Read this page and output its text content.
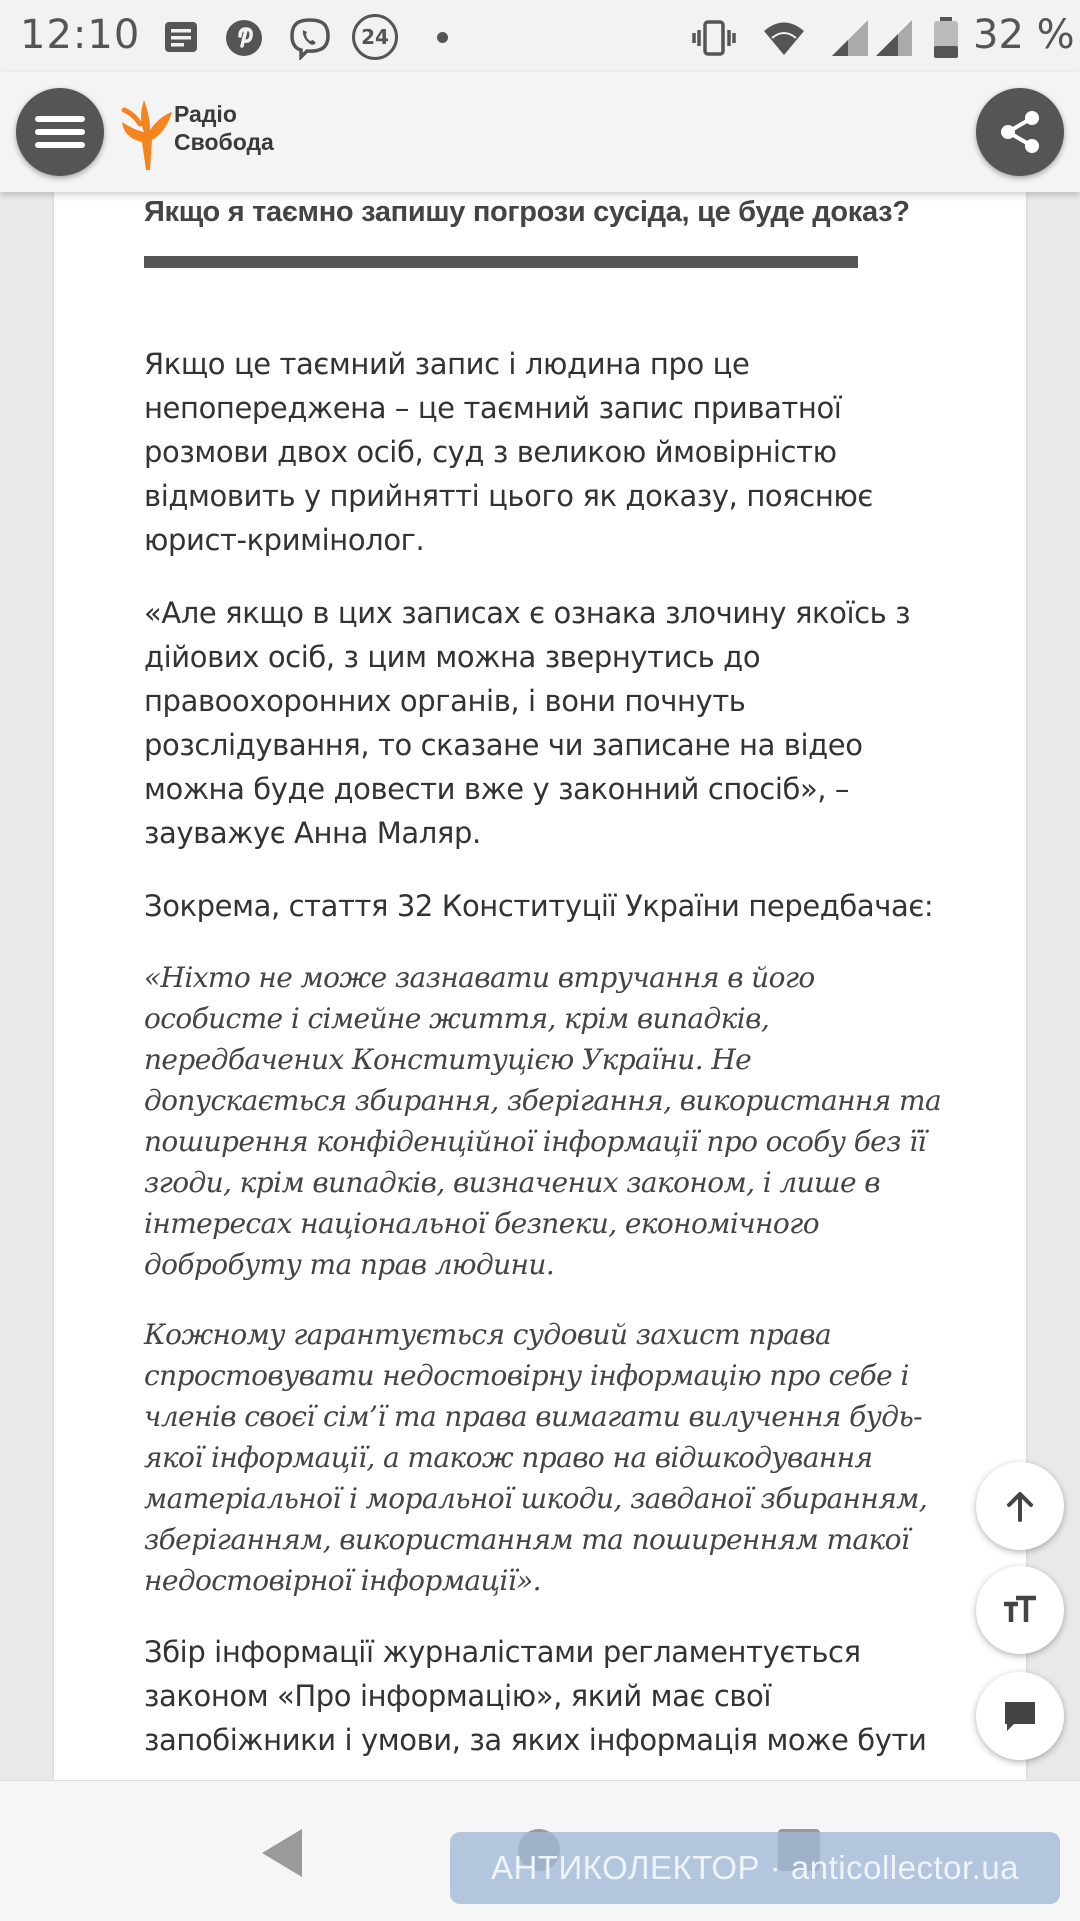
12:10	24	32 %
Радіо
Свобода
Якщо я таємно запишу погрози сусіда, це буде доказ?

Якщо це таємний запис і людина про це непопереджена – це таємний запис приватної розмови двох осіб, суд з великою ймовірністю відмовить у прийнятті цього як доказу, пояснює юрист-кримінолог.

«Але якщо в цих записах є ознака злочину якоїсь з дійових осіб, з цим можна звернутись до правоохоронних органів, і вони почнуть розслідування, то сказане чи записане на відео можна буде довести вже у законний спосіб», – зауважує Анна Маляр.

Зокрема, стаття 32 Конституції України передбачає:

«Ніхто не може зазнавати втручання в його особисте і сімейне життя, крім випадків, передбачених Конституцією України. Не допускається збирання, зберігання, використання та поширення конфіденційної інформації про особу без її згоди, крім випадків, визначених законом, і лише в інтересах національної безпеки, економічного добробуту та прав людини.

Кожному гарантується судовий захист права спростовувати недостовірну інформацію про себе і членів своєї сім’ї та права вимагати вилучення будь-якої інформації, а також право на відшкодування матеріальної і моральної шкоди, завданої збиранням, зберіганням, використанням та поширенням такої недостовірної інформації».

Збір інформації журналістами регламентується законом «Про інформацію», який має свої запобіжники і умови, за яких інформація може бути

АНТИКОЛЕКТОР · anticollector.ua
